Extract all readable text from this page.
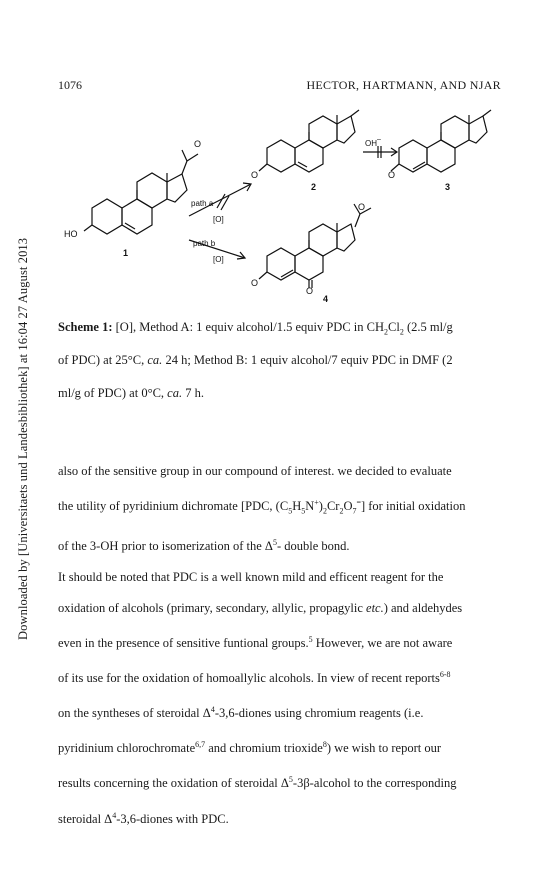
Downloaded by [Universitaets und Landesbibliothek] at 16:04 27 August 2013
1076	HECTOR, HARTMANN, AND NJAR
HO
O
O	O
O
O
O
1
2	3
4
path a
[O]
path b
[O]
OH –
Scheme 1: [O], Method A: 1 equiv alcohol/1.5 equiv PDC in $CH_2Cl_2$ (2.5 ml/g
of PDC) at 25°C, ca. 24 h; Method B: 1 equiv alcohol/7 equiv PDC in DMF (2
ml/g of PDC) at 0°C, ca. 7 h.
also of the sensitive group in our compound of interest. we decided to evaluate
the utility of pyridinium dichromate [PDC, $(C_5H_5N^+)_2Cr_2O_7^=$] for initial oxidation
of the 3-OH prior to isomerization of the $\Delta^5-$ double bond.
It should be noted that PDC is a well known mild and efficent reagent for the
oxidation of alcohols (primary, secondary, allylic, propagylic etc.) and aldehydes
even in the presence of sensitive funtional groups.$^5$ However, we are not aware
of its use for the oxidation of homoallylic alcohols. In view of recent reports$^{6-8}$
on the syntheses of steroidal $\Delta^4-3,6$-diones using chromium reagents (i.e.
pyridinium chlorochromate$^{6,7}$ and chromium trioxide$^8$) we wish to report our
results concerning the oxidation of steroidal $\Delta^5-3\beta$-alcohol to the corresponding
steroidal $\Delta^4-3,6$-diones with PDC.
